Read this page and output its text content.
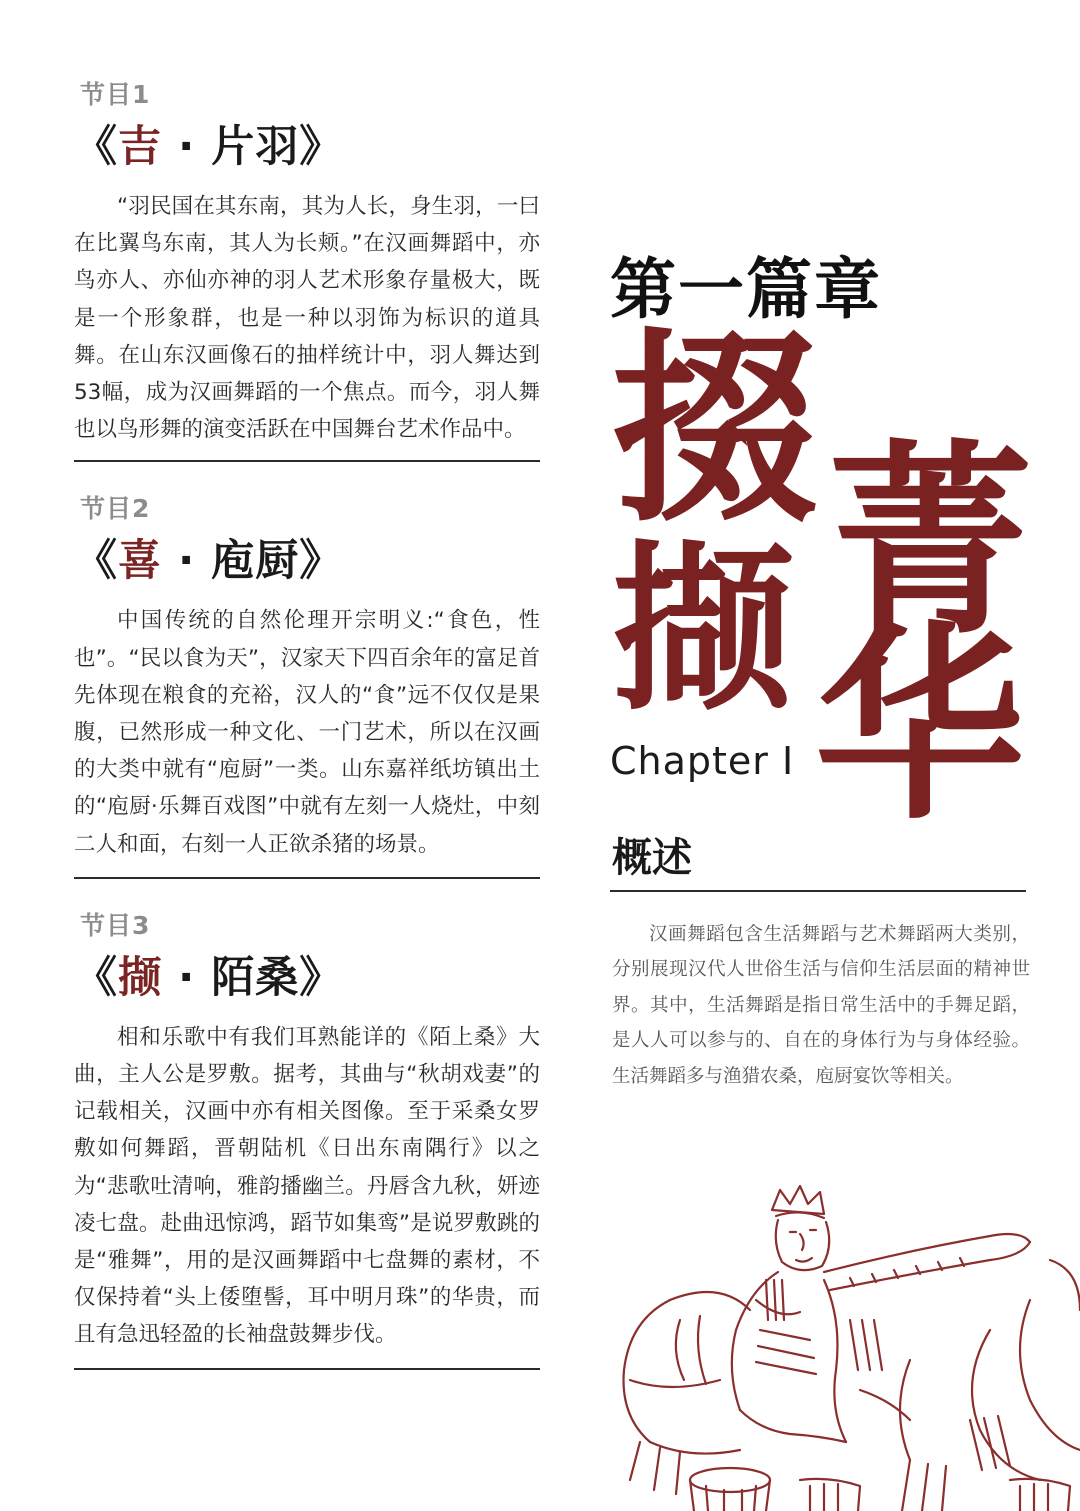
节目1
《吉 · 片羽》
“羽民国在其东南，其为人长，身生羽，一曰在比翼鸟东南，其人为长颊。”在汉画舞蹈中，亦鸟亦人、亦仙亦神的羽人艺术形象存量极大，既是一个形象群，也是一种以羽饰为标识的道具舞。在山东汉画像石的抽样统计中，羽人舞达到53幅，成为汉画舞蹈的一个焦点。而今，羽人舞也以鸟形舞的演变活跃在中国舞台艺术作品中。
节目2
《喜 · 庖厨》
中国传统的自然伦理开宗明义:“食色，性也”。“民以食为天”，汉家天下四百余年的富足首先体现在粮食的充裕，汉人的“食”远不仅仅是果腹，已然形成一种文化、一门艺术，所以在汉画的大类中就有“庖厨”一类。山东嘉祥纸坊镇出土的“庖厨·乐舞百戏图”中就有左刻一人烧灶，中刻二人和面，右刻一人正欲杀猪的场景。
节目3
《撷 · 陌桑》
相和乐歌中有我们耳熟能详的《陌上桑》大曲，主人公是罗敷。据考，其曲与“秋胡戏妻”的记载相关，汉画中亦有相关图像。至于采桑女罗敷如何舞蹈，晋朝陆机《日出东南隅行》以之为“悲歌吐清响，雅韵播幽兰。丹唇含九秋，妍迹凌七盘。赴曲迅惊鸿，蹈节如集鸾”是说罗敷跳的是“雅舞”，用的是汉画舞蹈中七盘舞的素材，不仅保持着“头上倭堕髻，耳中明月珠”的华贵，而且有急迅轻盈的长袖盘鼓舞步伐。
第一篇章
掇 菁
撷 华
Chapter I
概述
汉画舞蹈包含生活舞蹈与艺术舞蹈两大类别，分别展现汉代人世俗生活与信仰生活层面的精神世界。其中，生活舞蹈是指日常生活中的手舞足蹈，是人人可以参与的、自在的身体行为与身体经验。生活舞蹈多与渔猎农桑，庖厨宴饮等相关。
